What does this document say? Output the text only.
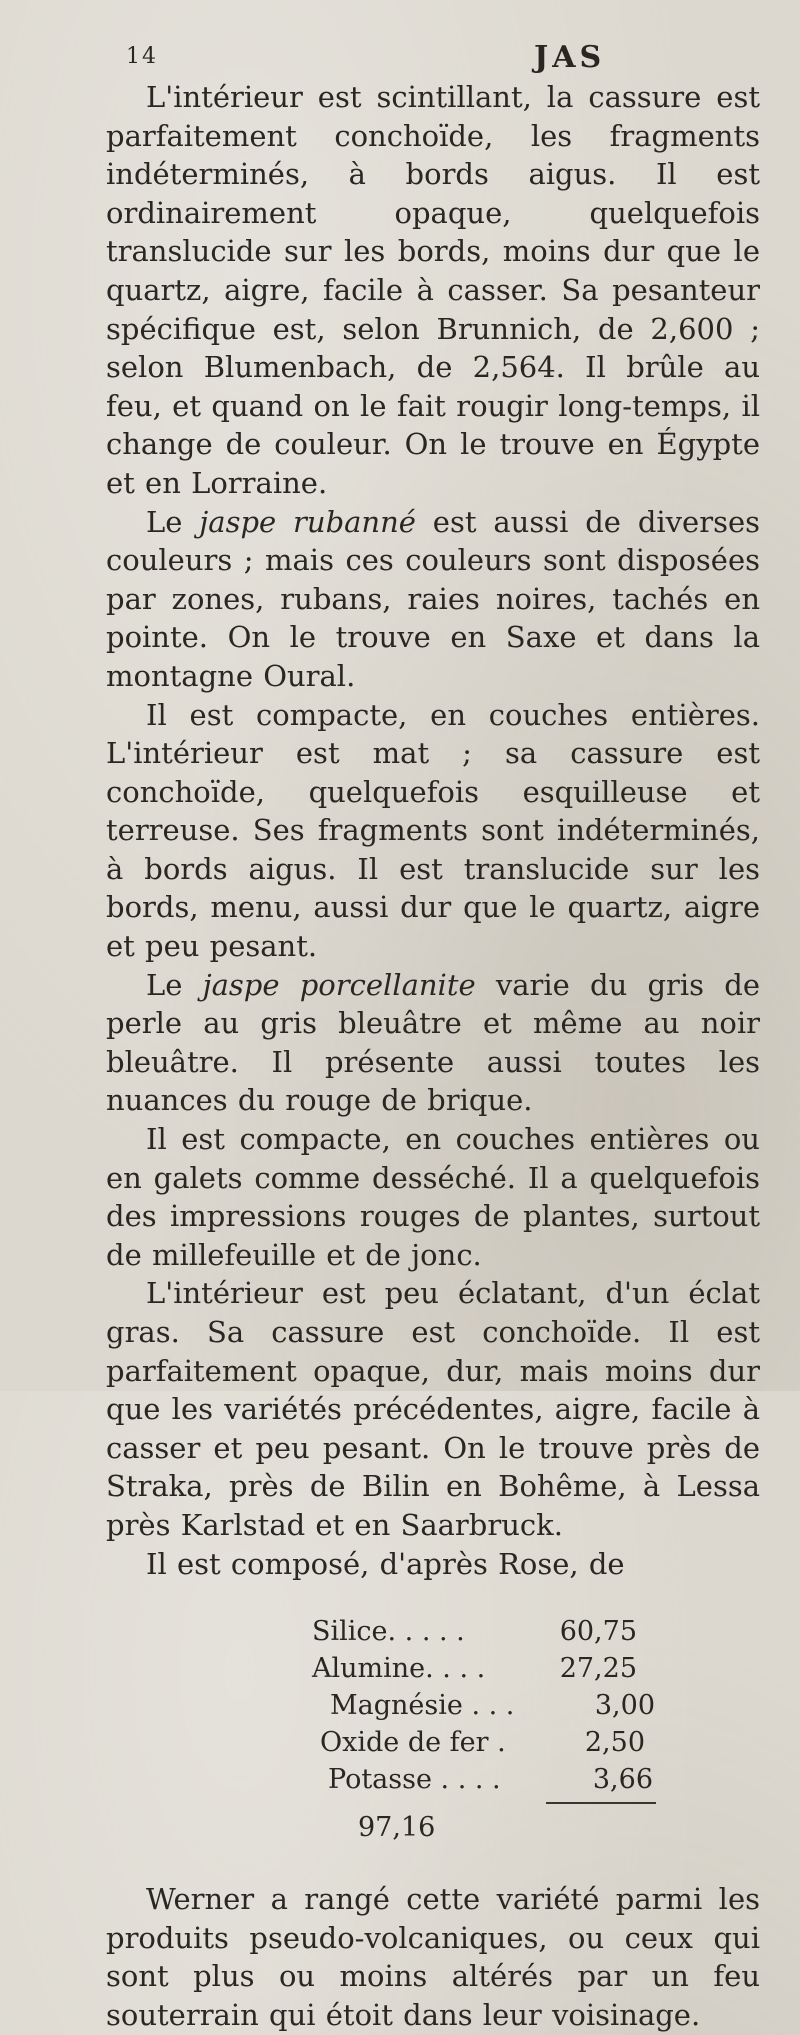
14	JAS

L'intérieur est scintillant, la cassure est parfaitement conchoïde, les fragments indéterminés, à bords aigus. Il est ordinairement opaque, quelquefois translucide sur les bords, moins dur que le quartz, aigre, facile à casser. Sa pesanteur spécifique est, selon Brunnich, de 2,600 ; selon Blumenbach, de 2,564. Il brûle au feu, et quand on le fait rougir long-temps, il change de couleur. On le trouve en Égypte et en Lorraine.

Le jaspe rubanné est aussi de diverses couleurs ; mais ces couleurs sont disposées par zones, rubans, raies noires, tachés en pointe. On le trouve en Saxe et dans la montagne Oural.

Il est compacte, en couches entières. L'intérieur est mat ; sa cassure est conchoïde, quelquefois esquilleuse et terreuse. Ses fragments sont indéterminés, à bords aigus. Il est translucide sur les bords, menu, aussi dur que le quartz, aigre et peu pesant.

Le jaspe porcellanite varie du gris de perle au gris bleuâtre et même au noir bleuâtre. Il présente aussi toutes les nuances du rouge de brique.

Il est compacte, en couches entières ou en galets comme desséché. Il a quelquefois des impressions rouges de plantes, surtout de millefeuille et de jonc.

L'intérieur est peu éclatant, d'un éclat gras. Sa cassure est conchoïde. Il est parfaitement opaque, dur, mais moins dur que les variétés précédentes, aigre, facile à casser et peu pesant. On le trouve près de Straka, près de Bilin en Bohême, à Lessa près Karlstad et en Saarbruck.

Il est composé, d'après Rose, de

Silice. . . . .	60,75
Alumine. . . .	27,25
Magnésie . . .	3,00
Oxide de fer .	2,50
Potasse . . . .	3,66
97,16

Werner a rangé cette variété parmi les produits pseudo-volcaniques, ou ceux qui sont plus ou moins altérés par un feu souterrain qui étoit dans leur voisinage.
